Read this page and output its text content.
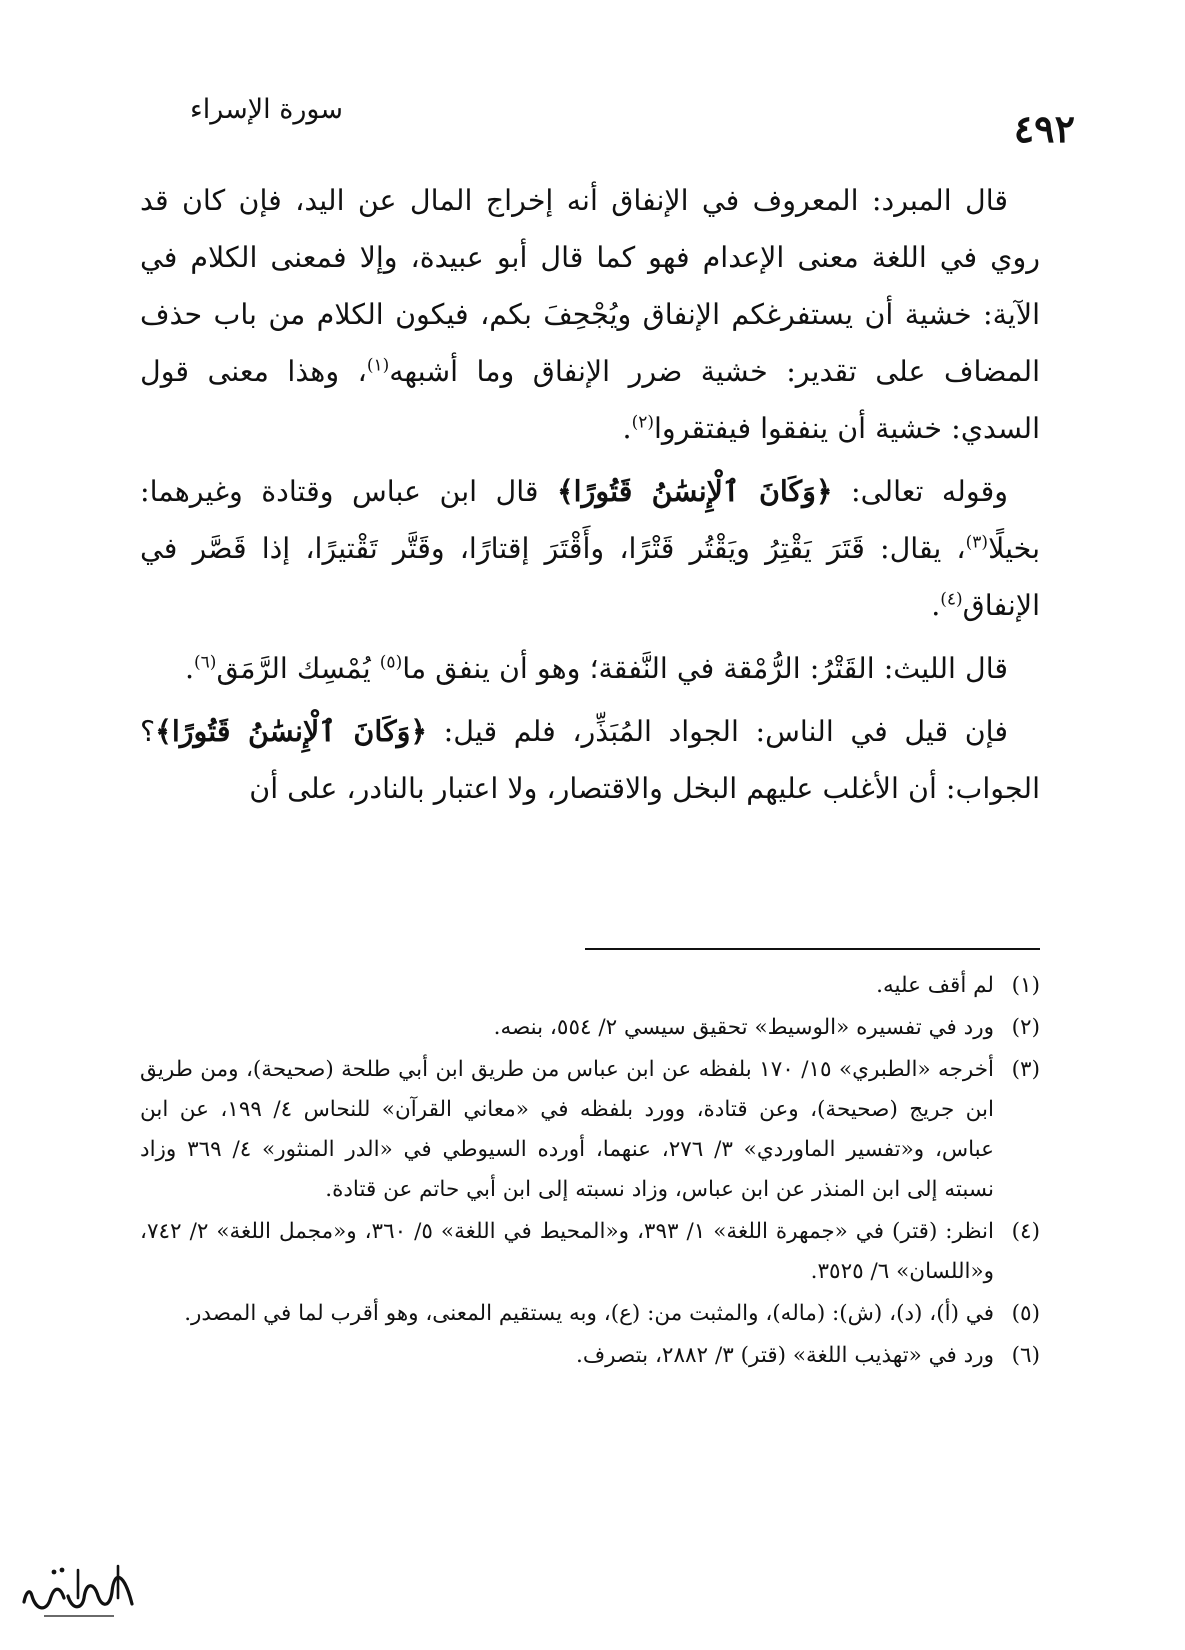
٤٩٢
سورة الإسراء

قال المبرد: المعروف في الإنفاق أنه إخراج المال عن اليد، فإن كان قد روي في اللغة معنى الإعدام فهو كما قال أبو عبيدة، وإلا فمعنى الكلام في الآية: خشية أن يستفرغكم الإنفاق ويُجْحِفَ بكم، فيكون الكلام من باب حذف المضاف على تقدير: خشية ضرر الإنفاق وما أشبهه$^{(١)}$، وهذا معنى قول السدي: خشية أن ينفقوا فيفتقروا$^{(٢)}$.

وقوله تعالى: ﴿وَكَانَ ٱلْإِنسَٰنُ قَتُورًا﴾ قال ابن عباس وقتادة وغيرهما: بخيلًا$^{(٣)}$، يقال: قَتَرَ يَقْتِرُ ويَقْتُر قَتْرًا، وأَقْتَرَ إقتارًا، وقَتَّر تَقْتيرًا، إذا قَصَّر في الإنفاق$^{(٤)}$.

قال الليث: القَتْرُ: الرُّمْقة في النَّفقة؛ وهو أن ينفق ما$^{(٥)}$ يُمْسِك الرَّمَق$^{(٦)}$.

فإن قيل في الناس: الجواد المُبَذِّر، فلم قيل: ﴿وَكَانَ ٱلْإِنسَٰنُ قَتُورًا﴾؟ الجواب: أن الأغلب عليهم البخل والاقتصار، ولا اعتبار بالنادر، على أن

(١)
لم أقف عليه.
(٢)
ورد في تفسيره «الوسيط» تحقيق سيسي ٢/ ٥٥٤، بنصه.
(٣)
أخرجه «الطبري» ١٥/ ١٧٠ بلفظه عن ابن عباس من طريق ابن أبي طلحة (صحيحة)، ومن طريق ابن جريج (صحيحة)، وعن قتادة، وورد بلفظه في «معاني القرآن» للنحاس ٤/ ١٩٩، عن ابن عباس، و«تفسير الماوردي» ٣/ ٢٧٦، عنهما، أورده السيوطي في «الدر المنثور» ٤/ ٣٦٩ وزاد نسبته إلى ابن المنذر عن ابن عباس، وزاد نسبته إلى ابن أبي حاتم عن قتادة.
(٤)
انظر: (قتر) في «جمهرة اللغة» ١/ ٣٩٣، و«المحيط في اللغة» ٥/ ٣٦٠، و«مجمل اللغة» ٢/ ٧٤٢، و«اللسان» ٦/ ٣٥٢٥.
(٥)
في (أ)، (د)، (ش): (ماله)، والمثبت من: (ع)، وبه يستقيم المعنى، وهو أقرب لما في المصدر.
(٦)
ورد في «تهذيب اللغة» (قتر) ٣/ ٢٨٨٢، بتصرف.
